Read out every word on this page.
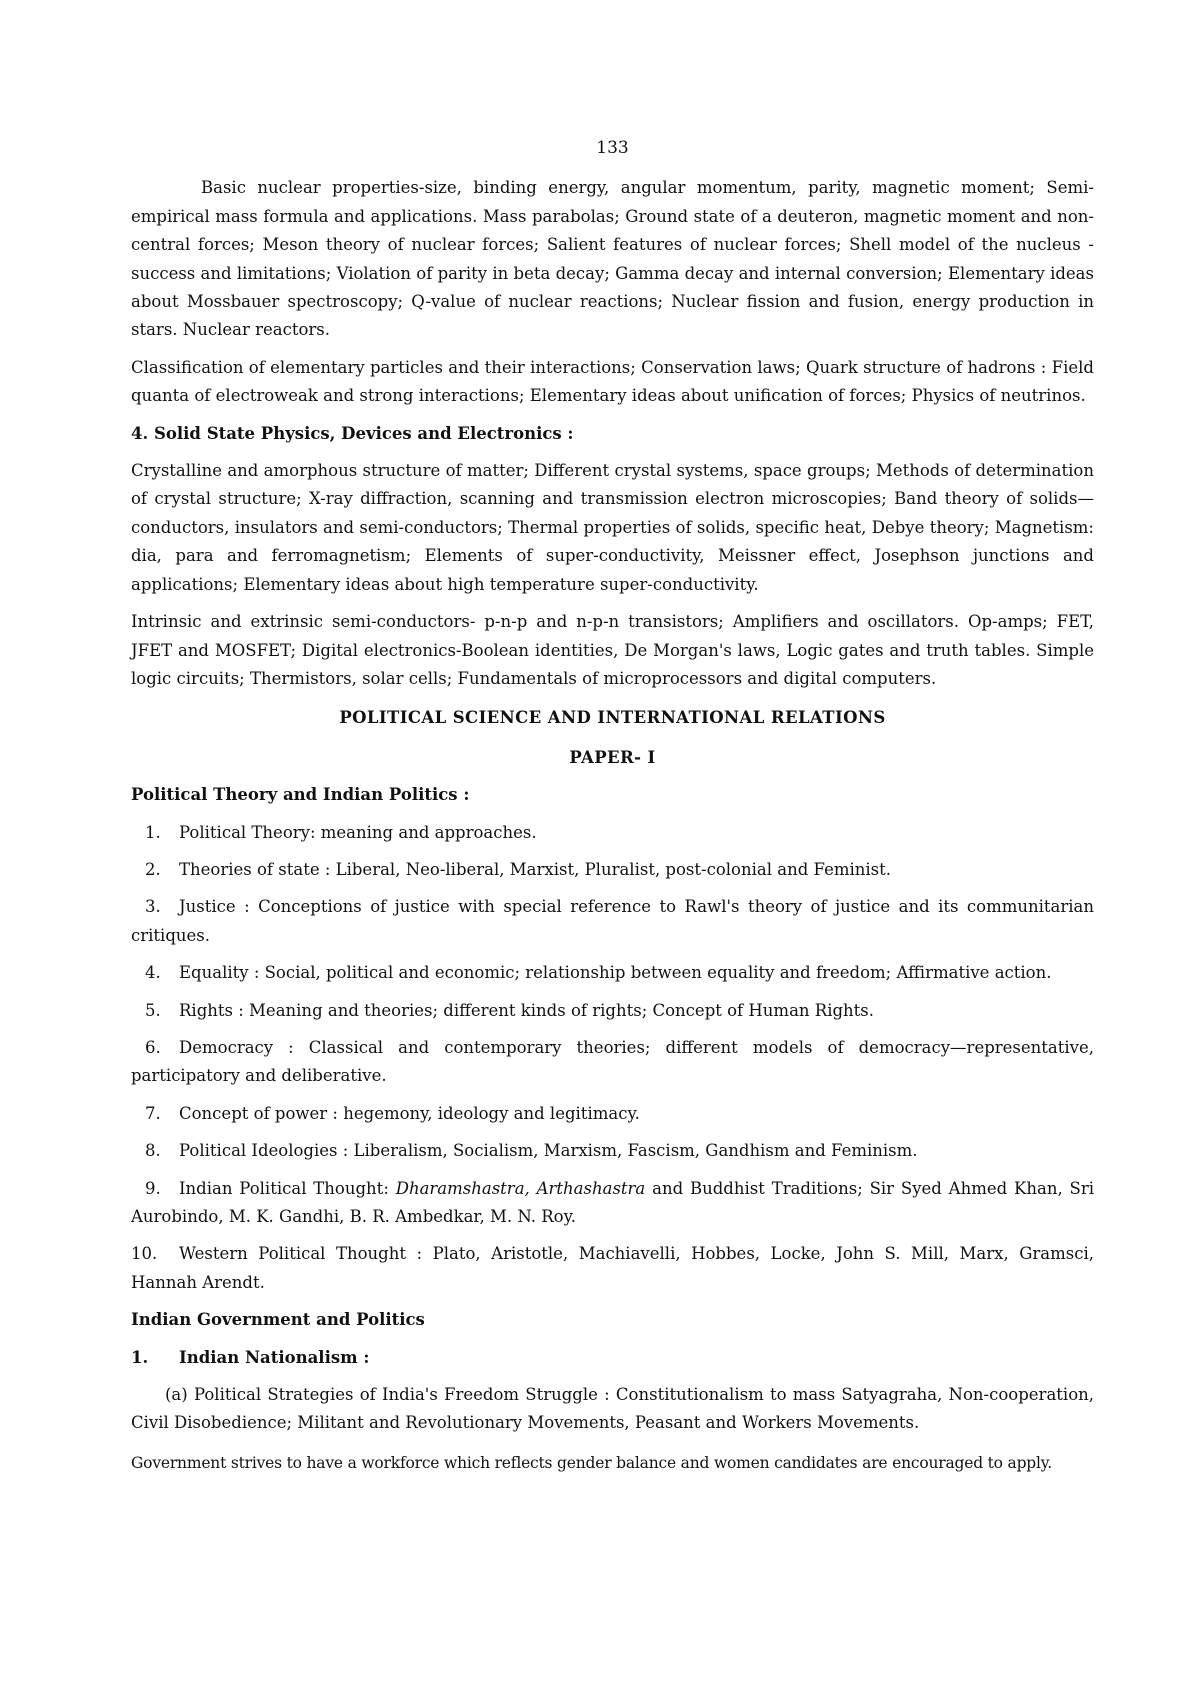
133

Basic nuclear properties-size, binding energy, angular momentum, parity, magnetic moment; Semi-empirical mass formula and applications. Mass parabolas; Ground state of a deuteron, magnetic moment and non-central forces; Meson theory of nuclear forces; Salient features of nuclear forces; Shell model of the nucleus - success and limitations; Violation of parity in beta decay; Gamma decay and internal conversion; Elementary ideas about Mossbauer spectroscopy; Q-value of nuclear reactions; Nuclear fission and fusion, energy production in stars. Nuclear reactors.

Classification of elementary particles and their interactions; Conservation laws; Quark structure of hadrons : Field quanta of electroweak and strong interactions; Elementary ideas about unification of forces; Physics of neutrinos.

4. Solid State Physics, Devices and Electronics :

Crystalline and amorphous structure of matter; Different crystal systems, space groups; Methods of determination of crystal structure; X-ray diffraction, scanning and transmission electron microscopies; Band theory of solids—conductors, insulators and semi-conductors; Thermal properties of solids, specific heat, Debye theory; Magnetism: dia, para and ferromagnetism; Elements of super-conductivity, Meissner effect, Josephson junctions and applications; Elementary ideas about high temperature super-conductivity.

Intrinsic and extrinsic semi-conductors- p-n-p and n-p-n transistors; Amplifiers and oscillators. Op-amps; FET, JFET and MOSFET; Digital electronics-Boolean identities, De Morgan's laws, Logic gates and truth tables. Simple logic circuits; Thermistors, solar cells; Fundamentals of microprocessors and digital computers.

POLITICAL SCIENCE AND INTERNATIONAL RELATIONS

PAPER- I

Political Theory and Indian Politics :

1. Political Theory: meaning and approaches.

2. Theories of state : Liberal, Neo-liberal, Marxist, Pluralist, post-colonial and Feminist.

3. Justice : Conceptions of justice with special reference to Rawl's theory of justice and its communitarian critiques.

4. Equality : Social, political and economic; relationship between equality and freedom; Affirmative action.

5. Rights : Meaning and theories; different kinds of rights; Concept of Human Rights.

6. Democracy : Classical and contemporary theories; different models of democracy—representative, participatory and deliberative.

7. Concept of power : hegemony, ideology and legitimacy.

8. Political Ideologies : Liberalism, Socialism, Marxism, Fascism, Gandhism and Feminism.

9. Indian Political Thought: Dharamshastra, Arthashastra and Buddhist Traditions; Sir Syed Ahmed Khan, Sri Aurobindo, M. K. Gandhi, B. R. Ambedkar, M. N. Roy.

10. Western Political Thought : Plato, Aristotle, Machiavelli, Hobbes, Locke, John S. Mill, Marx, Gramsci, Hannah Arendt.

Indian Government and Politics

1. Indian Nationalism :

(a) Political Strategies of India's Freedom Struggle : Constitutionalism to mass Satyagraha, Non-cooperation, Civil Disobedience; Militant and Revolutionary Movements, Peasant and Workers Movements.

Government strives to have a workforce which reflects gender balance and women candidates are encouraged to apply.
